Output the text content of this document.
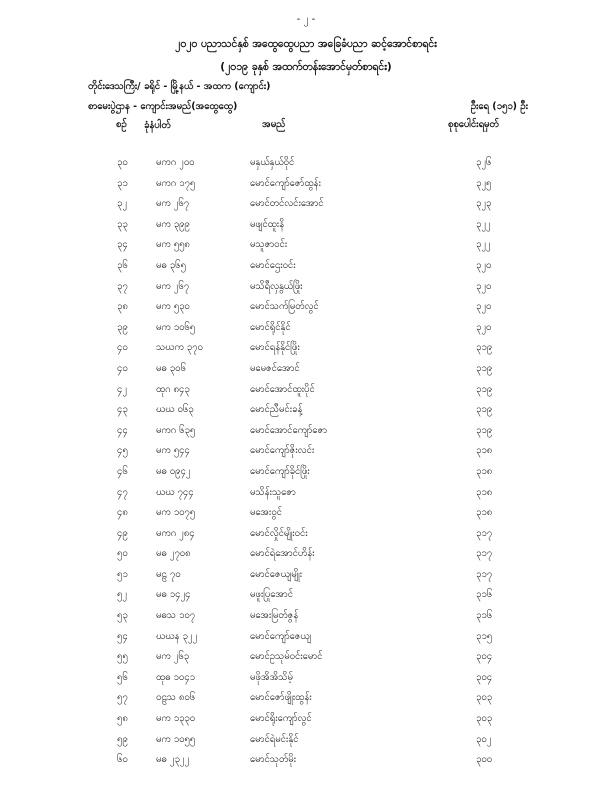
- ၂ -
၂၀၂၀ ပညာသင်နှစ် အထွေထွေပညာ အခြေခံပညာ ဆင့်အောင်စာရင်း
(၂၀၁၉ ခုနှစ် အထက်တန်းအောင်မှတ်စာရင်း)
တိုင်းဒေသကြီး/ ခရိုင် - မြို့နယ် - အထက (ကျောင်း)
စာမေးပွဲဌာန - ကျောင်းအမည်(အထွေထွေ)	ဦးရေ (၁၅၁) ဦး
စဉ် ခုံနံပါတ်	အမည်	စုစုပေါင်းရမှတ်
၃၀	မကဂ ၂၀၀	မနှယ်နှယ်ဝိုင်	၃၂၆
၃၁	မကဂ ၁၇၅	မောင်ကျော်ဇော်ထွန်း	၃၂၅
၃၂	မက ၂၆၇	မောင်တင်လင်းအောင်	၃၂၃
၃၃	မက ၃၉၉	မဖျင်ထူးနိ	၃၂၂
၃၄	မက ၅၅၈	မသူဇာဝင်း	၃၂၂
၃၆	မဓ ၃၆၅	မောင်ဌေးဝင်း	၃၂၀
၃၇	မက ၂၆၇	မသိရီလှနွယ်ဖြိုး	၃၂၀
၃၈	မက ၅၃၀	မောင်သက်မြတ်လွင်	၃၂၀
၃၉	မက ၁၀၆၅	မောင်ရိုင်နိုင်	၃၂၀
၄၀	သဃက ၃၇၀	မောင်ရန်နိုင်ဖြိုး	၃၁၉
၄၀	မဓ ၃၀၆	မမေဇင်အောင်	၃၁၉
၄၂	ထုဂ ၈၄၃	မောင်အောင်ထူးပိုင်	၃၁၉
၄၃	ဃဃ ၀၆၃	မောင်ညီမင်းခန့်	၃၁၉
၄၄	မကဂ ၆၃၅	မောင်အောင်ကျော်ဇော	၃၁၉
၄၅	မက ၅၄၄	မောင်ကျော်ဇိုးလင်း	၃၁၈
၄၆	မဓ ၀၉၄၂	မောင်ကျော်ခိုင်ဖြိုး	၃၁၈
၄၇	ဃဃ ၇၄၄	မသိန်းသူဇော	၃၁၈
၄၈	မက ၁၀၇၅	မအေးဝွင်	၃၁၈
၄၉	မကဂ ၂၈၄	မောင်လှိုင်မျိုးဝင်း	၃၁၇
၅၀	မဓ ၂၇၀၈	မောင်ရဲအောင်ဟိန်း	၃၁၇
၅၁	မဠ ၇၀	မောင်ဇေယျမျိုး	၃၁၇
၅၂	မဓ ၁၄၂၄	မဖူးပြုအောင်	၃၁၆
၅၃	မဓသ ၁၀၇	မအေးမြတ်ဇွန်	၃၁၆
၅၄	ဃဃန ၃၂၂	မောင်ကျော်ဇေယျ	၃၁၅
၅၅	မက ၂၆၃	မောင်ဥသုမ်ဝင်းမောင်	၃၀၄
၅၆	ထုဓ ၁၀၄၁	မဖိုအိအိသိမ့်	၃၀၄
၅၇	ဝဠသ ၈၀၆	မောင်ဇော်ဖျိုးထွန်း	၃၀၃
၅၈	မက ၁၃၃၀	မောင်ရိုးကျော်လွင်	၃၀၃
၅၉	မက ၁၀၅၅	မောင်ရဲမင်းနိုင်	၃၀၂
၆၀	မဓ ၂၃၂၂	မောင်သုတ်မိုး	၃၀၀
